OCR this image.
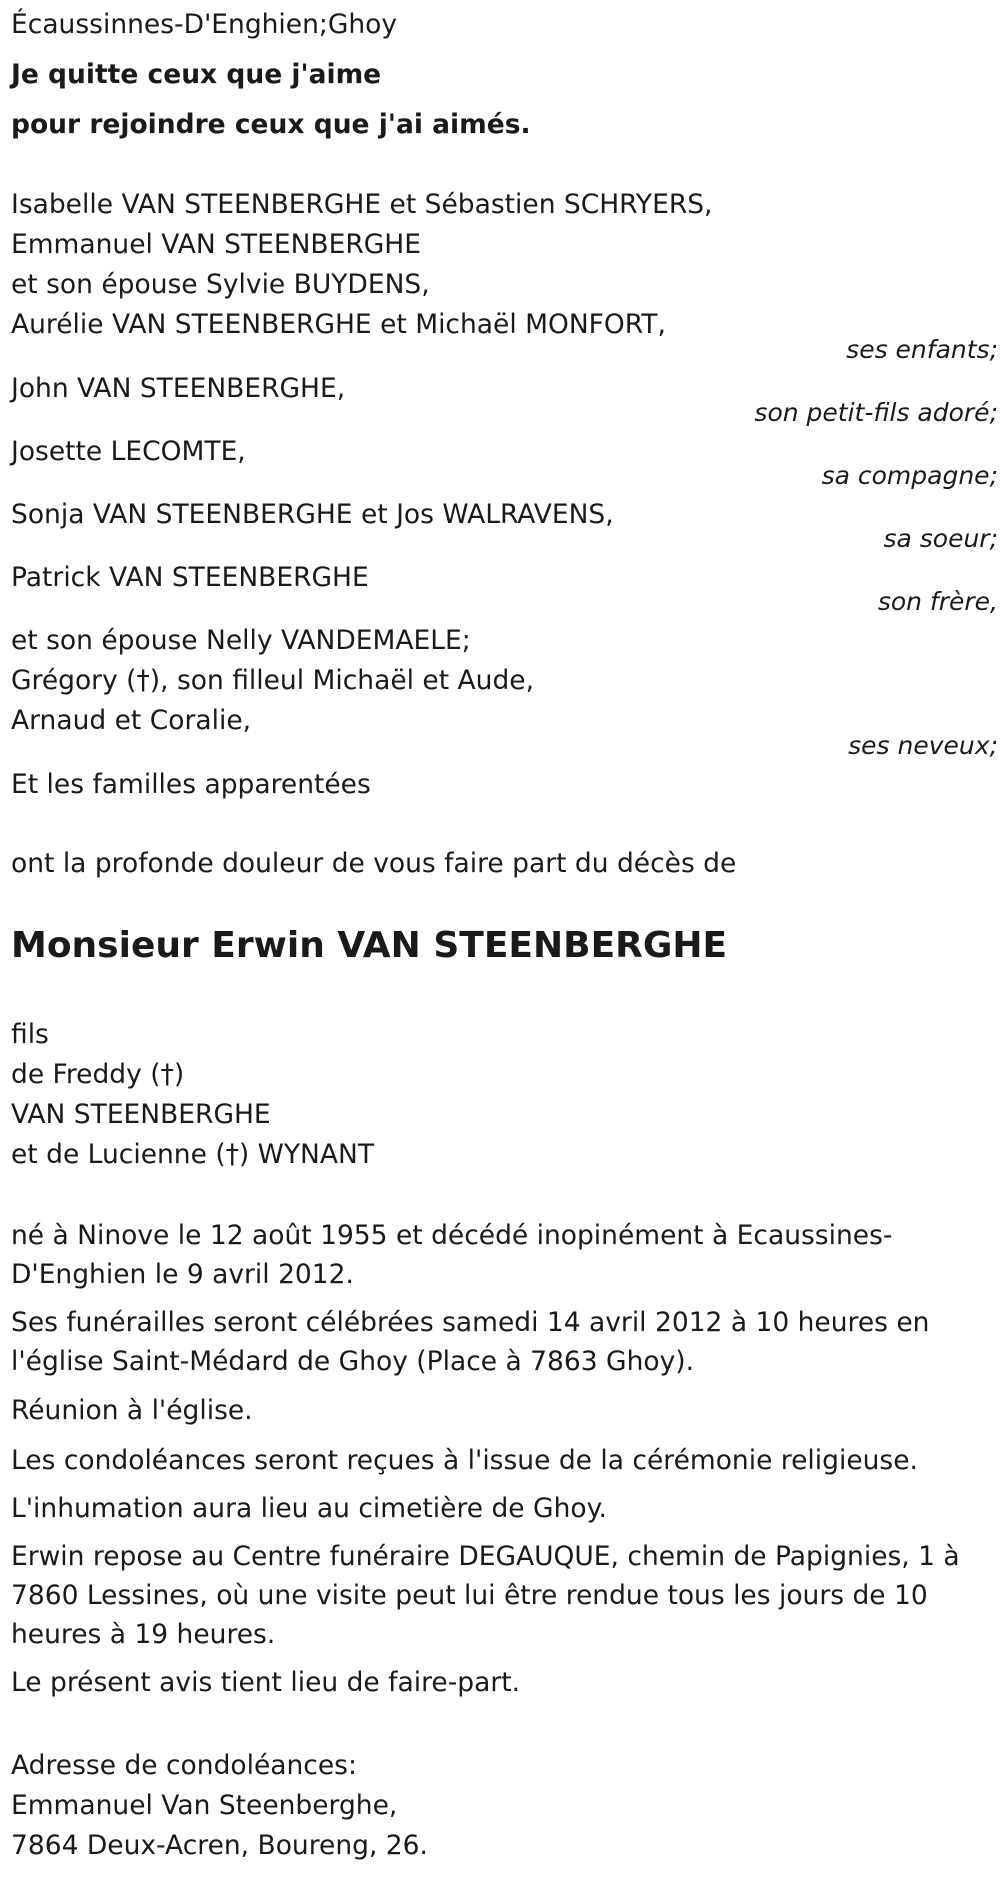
Écaussinnes-D'Enghien;Ghoy
Je quitte ceux que j'aime
pour rejoindre ceux que j'ai aimés.
Isabelle VAN STEENBERGHE et Sébastien SCHRYERS,
Emmanuel VAN STEENBERGHE
et son épouse Sylvie BUYDENS,
Aurélie VAN STEENBERGHE et Michaël MONFORT,
ses enfants;
John VAN STEENBERGHE,
son petit-fils adoré;
Josette LECOMTE,
sa compagne;
Sonja VAN STEENBERGHE et Jos WALRAVENS,
sa soeur;
Patrick VAN STEENBERGHE
son frère,
et son épouse Nelly VANDEMAELE;
Grégory (†), son filleul Michaël et Aude,
Arnaud et Coralie,
ses neveux;
Et les familles apparentées
ont la profonde douleur de vous faire part du décès de
Monsieur Erwin VAN STEENBERGHE
fils
de Freddy (†)
VAN STEENBERGHE
et de Lucienne (†) WYNANT
né à Ninove le 12 août 1955 et décédé inopinément à Ecaussines-D'Enghien le 9 avril 2012.
Ses funérailles seront célébrées samedi 14 avril 2012 à 10 heures en l'église Saint-Médard de Ghoy (Place à 7863 Ghoy).
Réunion à l'église.
Les condoléances seront reçues à l'issue de la cérémonie religieuse.
L'inhumation aura lieu au cimetière de Ghoy.
Erwin repose au Centre funéraire DEGAUQUE, chemin de Papignies, 1 à 7860 Lessines, où une visite peut lui être rendue tous les jours de 10 heures à 19 heures.
Le présent avis tient lieu de faire-part.
Adresse de condoléances:
Emmanuel Van Steenberghe,
7864 Deux-Acren, Boureng, 26.
